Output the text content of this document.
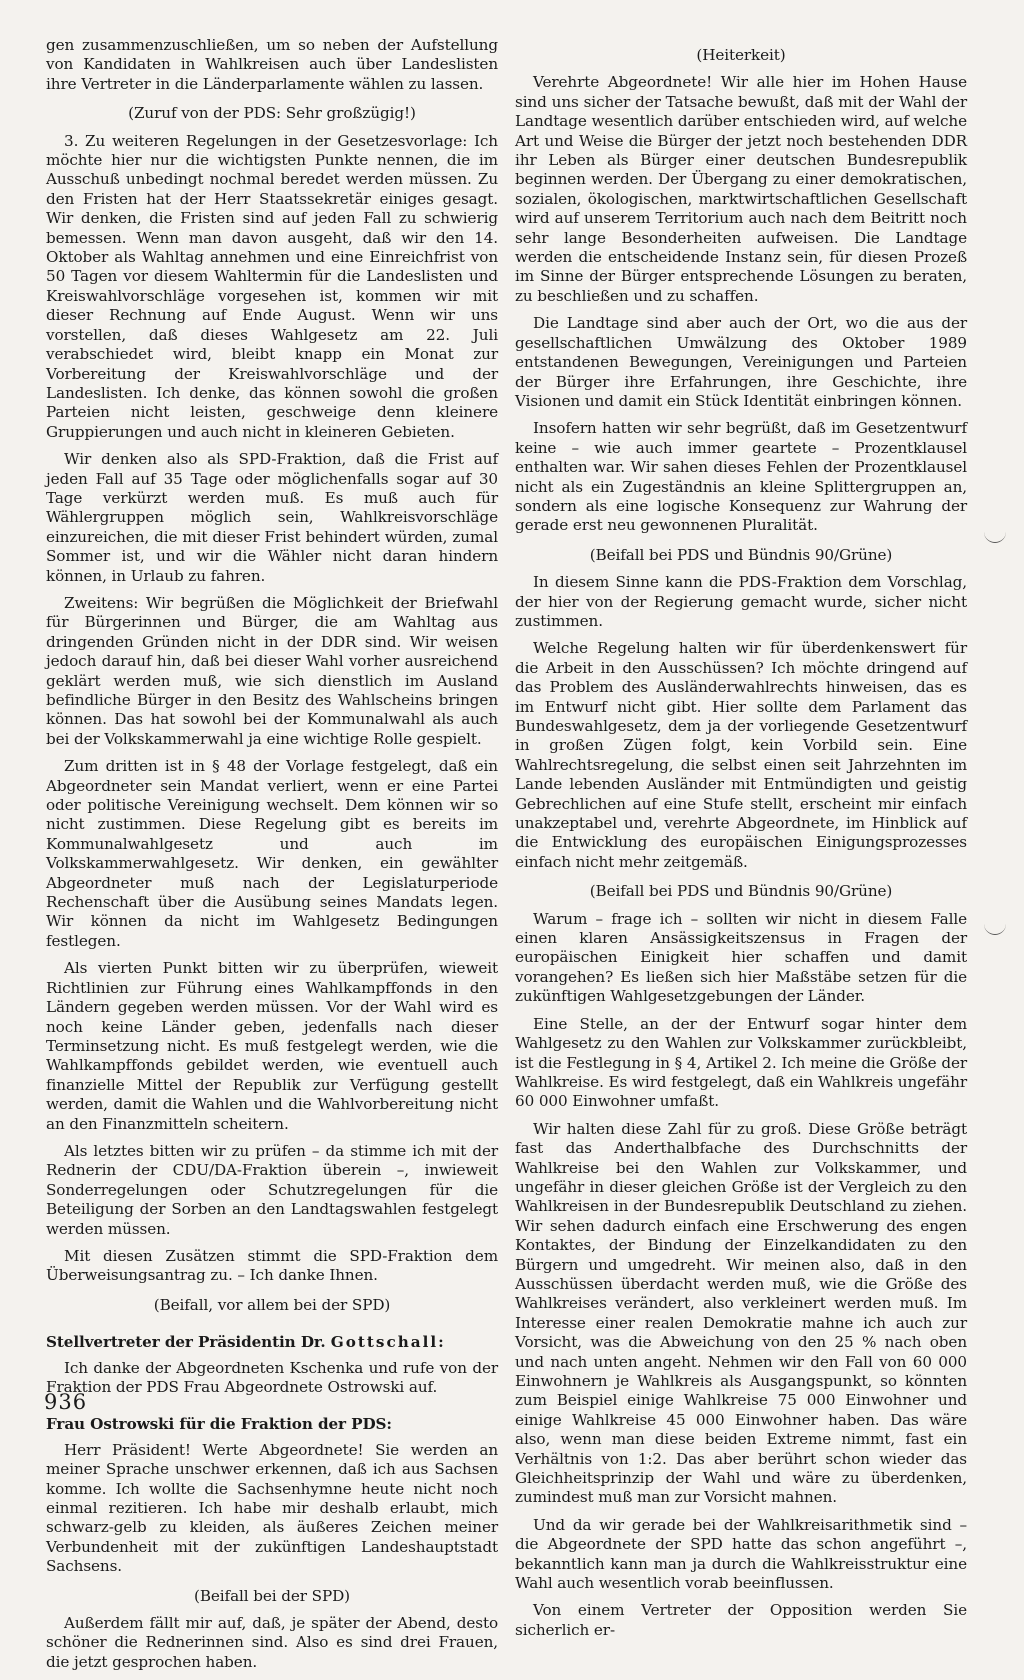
gen zusammenzuschließen, um so neben der Aufstellung von Kandidaten in Wahlkreisen auch über Landeslisten ihre Vertreter in die Länderparlamente wählen zu lassen.

(Zuruf von der PDS: Sehr großzügig!)

3. Zu weiteren Regelungen in der Gesetzesvorlage: Ich möchte hier nur die wichtigsten Punkte nennen, die im Ausschuß unbedingt nochmal beredet werden müssen. Zu den Fristen hat der Herr Staatssekretär einiges gesagt. Wir denken, die Fristen sind auf jeden Fall zu schwierig bemessen. Wenn man davon ausgeht, daß wir den 14. Oktober als Wahltag annehmen und eine Einreichfrist von 50 Tagen vor diesem Wahltermin für die Landeslisten und Kreiswahlvorschläge vorgesehen ist, kommen wir mit dieser Rechnung auf Ende August. Wenn wir uns vorstellen, daß dieses Wahlgesetz am 22. Juli verabschiedet wird, bleibt knapp ein Monat zur Vorbereitung der Kreiswahlvorschläge und der Landeslisten. Ich denke, das können sowohl die großen Parteien nicht leisten, geschweige denn kleinere Gruppierungen und auch nicht in kleineren Gebieten.

Wir denken also als SPD-Fraktion, daß die Frist auf jeden Fall auf 35 Tage oder möglichenfalls sogar auf 30 Tage verkürzt werden muß. Es muß auch für Wählergruppen möglich sein, Wahlkreisvorschläge einzureichen, die mit dieser Frist behindert würden, zumal Sommer ist, und wir die Wähler nicht daran hindern können, in Urlaub zu fahren.

Zweitens: Wir begrüßen die Möglichkeit der Briefwahl für Bürgerinnen und Bürger, die am Wahltag aus dringenden Gründen nicht in der DDR sind. Wir weisen jedoch darauf hin, daß bei dieser Wahl vorher ausreichend geklärt werden muß, wie sich dienstlich im Ausland befindliche Bürger in den Besitz des Wahlscheins bringen können. Das hat sowohl bei der Kommunalwahl als auch bei der Volkskammerwahl ja eine wichtige Rolle gespielt.

Zum dritten ist in § 48 der Vorlage festgelegt, daß ein Abgeordneter sein Mandat verliert, wenn er eine Partei oder politische Vereinigung wechselt. Dem können wir so nicht zustimmen. Diese Regelung gibt es bereits im Kommunalwahlgesetz und auch im Volkskammerwahlgesetz. Wir denken, ein gewählter Abgeordneter muß nach der Legislaturperiode Rechenschaft über die Ausübung seines Mandats legen. Wir können da nicht im Wahlgesetz Bedingungen festlegen.

Als vierten Punkt bitten wir zu überprüfen, wieweit Richtlinien zur Führung eines Wahlkampffonds in den Ländern gegeben werden müssen. Vor der Wahl wird es noch keine Länder geben, jedenfalls nach dieser Terminsetzung nicht. Es muß festgelegt werden, wie die Wahlkampffonds gebildet werden, wie eventuell auch finanzielle Mittel der Republik zur Verfügung gestellt werden, damit die Wahlen und die Wahlvorbereitung nicht an den Finanzmitteln scheitern.

Als letztes bitten wir zu prüfen – da stimme ich mit der Rednerin der CDU/DA-Fraktion überein –, inwieweit Sonderregelungen oder Schutzregelungen für die Beteiligung der Sorben an den Landtagswahlen festgelegt werden müssen.

Mit diesen Zusätzen stimmt die SPD-Fraktion dem Überweisungsantrag zu. – Ich danke Ihnen.

(Beifall, vor allem bei der SPD)

Stellvertreter der Präsidentin Dr. Gottschall:

Ich danke der Abgeordneten Kschenka und rufe von der Fraktion der PDS Frau Abgeordnete Ostrowski auf.

Frau Ostrowski für die Fraktion der PDS:

Herr Präsident! Werte Abgeordnete! Sie werden an meiner Sprache unschwer erkennen, daß ich aus Sachsen komme. Ich wollte die Sachsenhymne heute nicht noch einmal rezitieren. Ich habe mir deshalb erlaubt, mich schwarz-gelb zu kleiden, als äußeres Zeichen meiner Verbundenheit mit der zukünftigen Landeshauptstadt Sachsens.

(Beifall bei der SPD)

Außerdem fällt mir auf, daß, je später der Abend, desto schöner die Rednerinnen sind. Also es sind drei Frauen, die jetzt gesprochen haben.

(Heiterkeit)

Verehrte Abgeordnete! Wir alle hier im Hohen Hause sind uns sicher der Tatsache bewußt, daß mit der Wahl der Landtage wesentlich darüber entschieden wird, auf welche Art und Weise die Bürger der jetzt noch bestehenden DDR ihr Leben als Bürger einer deutschen Bundesrepublik beginnen werden. Der Übergang zu einer demokratischen, sozialen, ökologischen, marktwirtschaftlichen Gesellschaft wird auf unserem Territorium auch nach dem Beitritt noch sehr lange Besonderheiten aufweisen. Die Landtage werden die entscheidende Instanz sein, für diesen Prozeß im Sinne der Bürger entsprechende Lösungen zu beraten, zu beschließen und zu schaffen.

Die Landtage sind aber auch der Ort, wo die aus der gesellschaftlichen Umwälzung des Oktober 1989 entstandenen Bewegungen, Vereinigungen und Parteien der Bürger ihre Erfahrungen, ihre Geschichte, ihre Visionen und damit ein Stück Identität einbringen können.

Insofern hatten wir sehr begrüßt, daß im Gesetzentwurf keine – wie auch immer geartete – Prozentklausel enthalten war. Wir sahen dieses Fehlen der Prozentklausel nicht als ein Zugeständnis an kleine Splittergruppen an, sondern als eine logische Konsequenz zur Wahrung der gerade erst neu gewonnenen Pluralität.

(Beifall bei PDS und Bündnis 90/Grüne)

In diesem Sinne kann die PDS-Fraktion dem Vorschlag, der hier von der Regierung gemacht wurde, sicher nicht zustimmen.

Welche Regelung halten wir für überdenkenswert für die Arbeit in den Ausschüssen? Ich möchte dringend auf das Problem des Ausländerwahlrechts hinweisen, das es im Entwurf nicht gibt. Hier sollte dem Parlament das Bundeswahlgesetz, dem ja der vorliegende Gesetzentwurf in großen Zügen folgt, kein Vorbild sein. Eine Wahlrechtsregelung, die selbst einen seit Jahrzehnten im Lande lebenden Ausländer mit Entmündigten und geistig Gebrechlichen auf eine Stufe stellt, erscheint mir einfach unakzeptabel und, verehrte Abgeordnete, im Hinblick auf die Entwicklung des europäischen Einigungsprozesses einfach nicht mehr zeitgemäß.

(Beifall bei PDS und Bündnis 90/Grüne)

Warum – frage ich – sollten wir nicht in diesem Falle einen klaren Ansässigkeitszensus in Fragen der europäischen Einigkeit hier schaffen und damit vorangehen? Es ließen sich hier Maßstäbe setzen für die zukünftigen Wahlgesetzgebungen der Länder.

Eine Stelle, an der der Entwurf sogar hinter dem Wahlgesetz zu den Wahlen zur Volkskammer zurückbleibt, ist die Festlegung in § 4, Artikel 2. Ich meine die Größe der Wahlkreise. Es wird festgelegt, daß ein Wahlkreis ungefähr 60 000 Einwohner umfaßt.

Wir halten diese Zahl für zu groß. Diese Größe beträgt fast das Anderthalbfache des Durchschnitts der Wahlkreise bei den Wahlen zur Volkskammer, und ungefähr in dieser gleichen Größe ist der Vergleich zu den Wahlkreisen in der Bundesrepublik Deutschland zu ziehen. Wir sehen dadurch einfach eine Erschwerung des engen Kontaktes, der Bindung der Einzelkandidaten zu den Bürgern und umgedreht. Wir meinen also, daß in den Ausschüssen überdacht werden muß, wie die Größe des Wahlkreises verändert, also verkleinert werden muß. Im Interesse einer realen Demokratie mahne ich auch zur Vorsicht, was die Abweichung von den 25 % nach oben und nach unten angeht. Nehmen wir den Fall von 60 000 Einwohnern je Wahlkreis als Ausgangspunkt, so könnten zum Beispiel einige Wahlkreise 75 000 Einwohner und einige Wahlkreise 45 000 Einwohner haben. Das wäre also, wenn man diese beiden Extreme nimmt, fast ein Verhältnis von 1:2. Das aber berührt schon wieder das Gleichheitsprinzip der Wahl und wäre zu überdenken, zumindest muß man zur Vorsicht mahnen.

Und da wir gerade bei der Wahlkreisarithmetik sind – die Abgeordnete der SPD hatte das schon angeführt –, bekanntlich kann man ja durch die Wahlkreisstruktur eine Wahl auch wesentlich vorab beeinflussen.

Von einem Vertreter der Opposition werden Sie sicherlich er-

936
